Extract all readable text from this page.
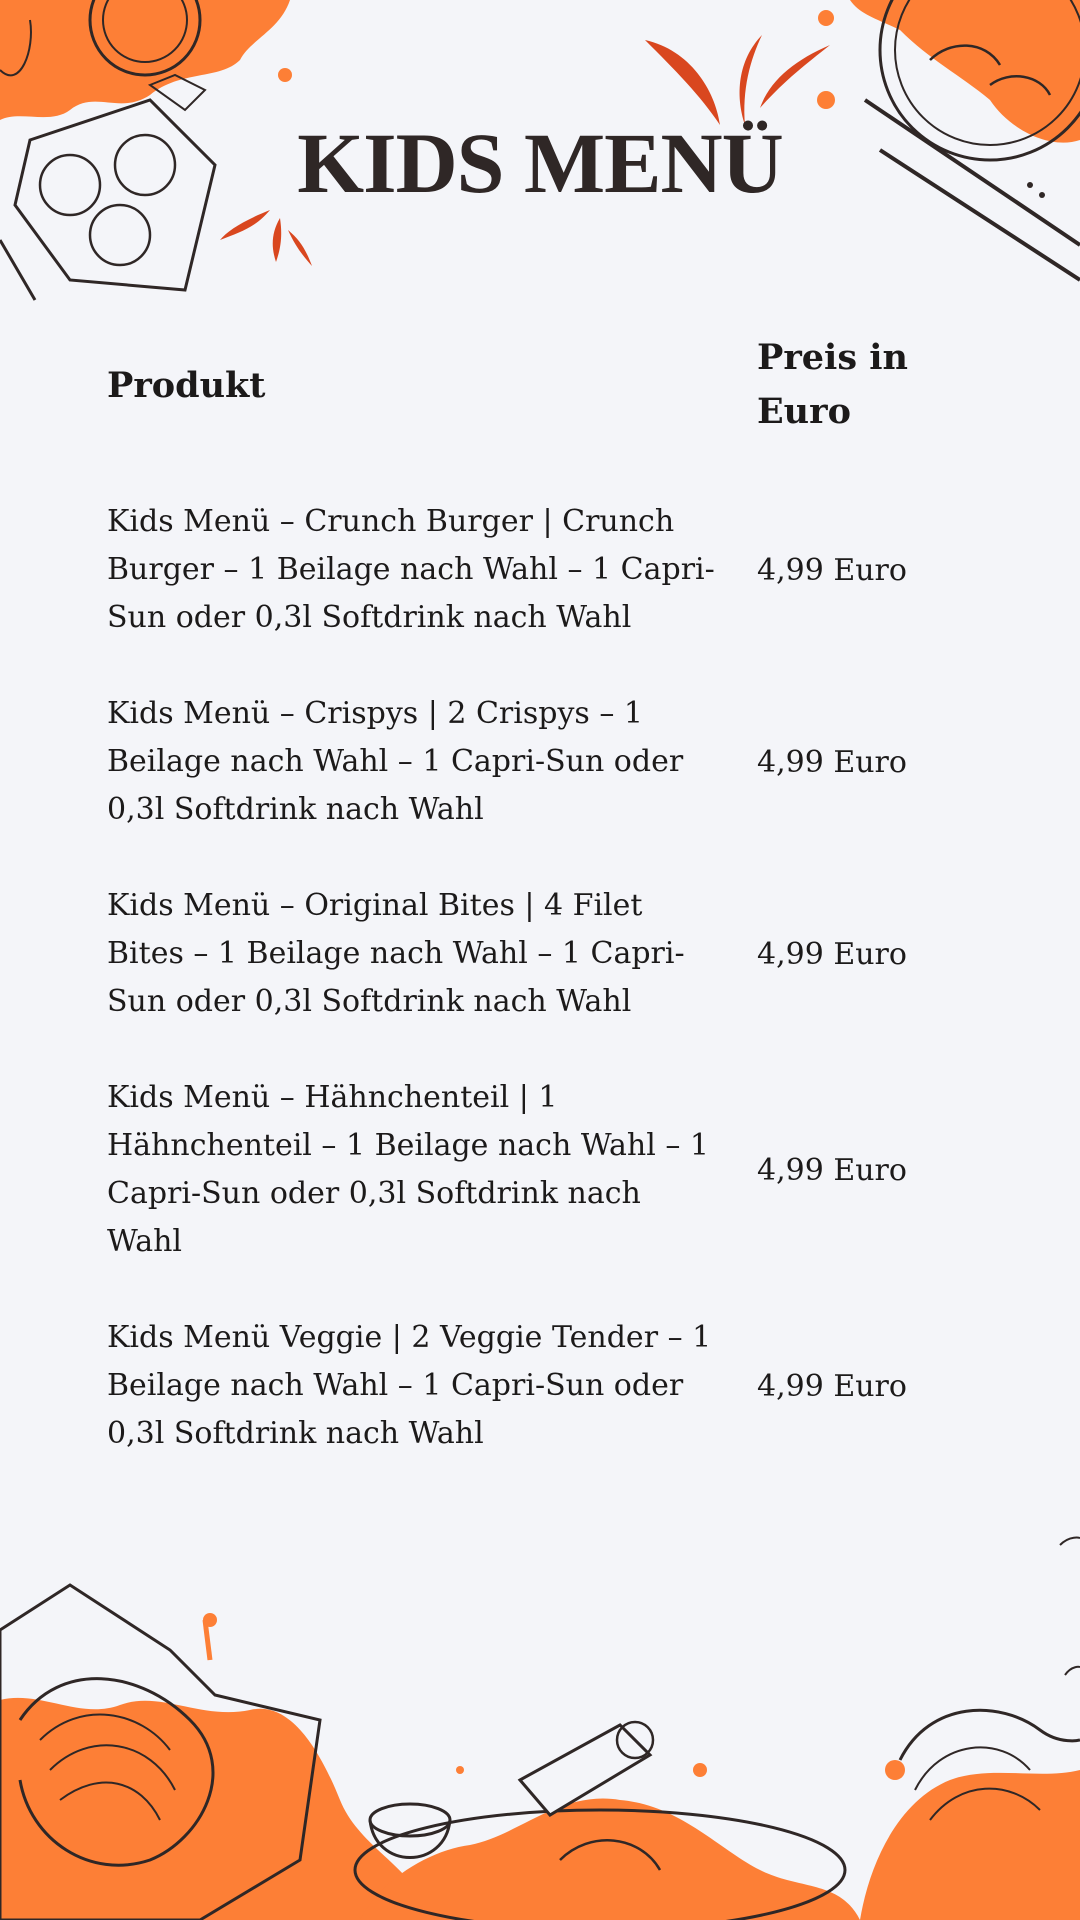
KIDS MENÜ
Produkt
Preis in Euro
Kids Menü – Crunch Burger | Crunch Burger – 1 Beilage nach Wahl – 1 Capri-Sun oder 0,3l Softdrink nach Wahl
4,99 Euro
Kids Menü – Crispys | 2 Crispys – 1 Beilage nach Wahl – 1 Capri-Sun oder 0,3l Softdrink nach Wahl
4,99 Euro
Kids Menü – Original Bites | 4 Filet Bites – 1 Beilage nach Wahl – 1 Capri-Sun oder 0,3l Softdrink nach Wahl
4,99 Euro
Kids Menü – Hähnchenteil | 1 Hähnchenteil – 1 Beilage nach Wahl – 1 Capri-Sun oder 0,3l Softdrink nach Wahl
4,99 Euro
Kids Menü Veggie | 2 Veggie Tender – 1 Beilage nach Wahl – 1 Capri-Sun oder 0,3l Softdrink nach Wahl
4,99 Euro
